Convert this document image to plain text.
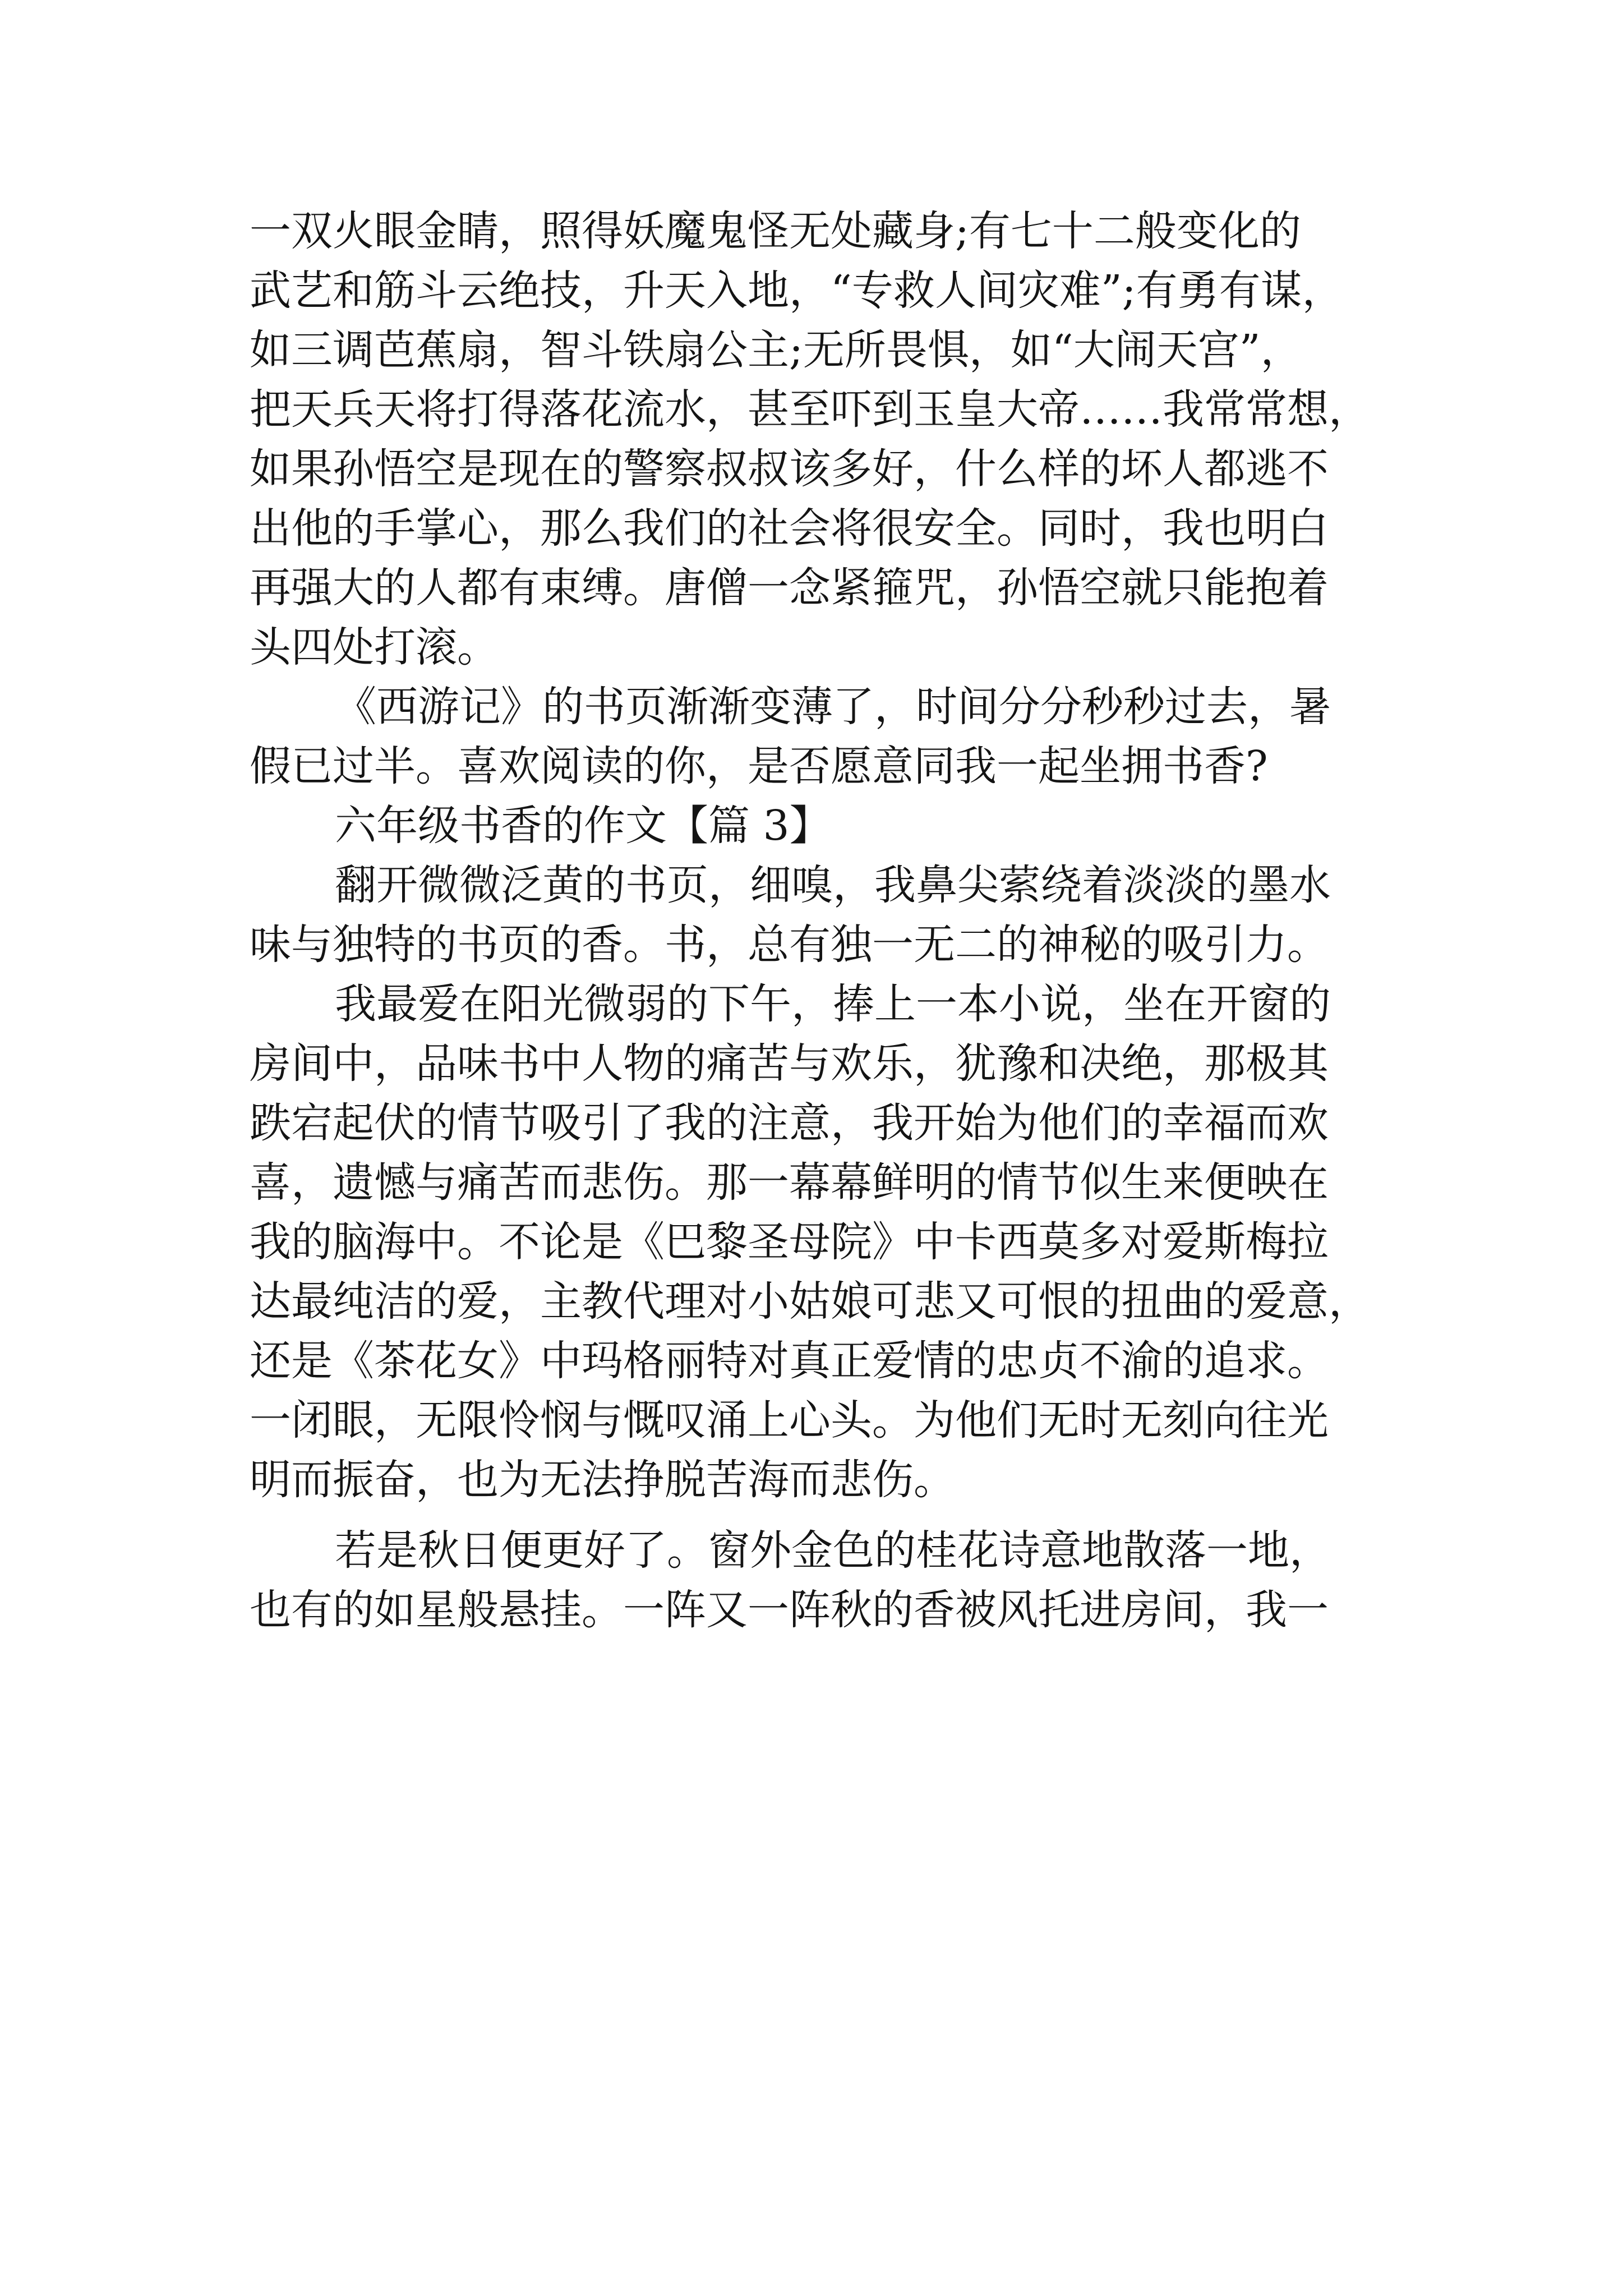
一双火眼金睛，照得妖魔鬼怪无处藏身;有七十二般变化的
武艺和筋斗云绝技，升天入地，“专救人间灾难”;有勇有谋，
如三调芭蕉扇，智斗铁扇公主;无所畏惧，如“大闹天宫”，
把天兵天将打得落花流水，甚至吓到玉皇大帝……我常常想，
如果孙悟空是现在的警察叔叔该多好，什么样的坏人都逃不
出他的手掌心，那么我们的社会将很安全。同时，我也明白
再强大的人都有束缚。唐僧一念紧箍咒，孙悟空就只能抱着
头四处打滚。
《西游记》的书页渐渐变薄了，时间分分秒秒过去，暑
假已过半。喜欢阅读的你，是否愿意同我一起坐拥书香?
六年级书香的作文【篇 3】
翻开微微泛黄的书页，细嗅，我鼻尖萦绕着淡淡的墨水
味与独特的书页的香。书，总有独一无二的神秘的吸引力。
我最爱在阳光微弱的下午，捧上一本小说，坐在开窗的
房间中，品味书中人物的痛苦与欢乐，犹豫和决绝，那极其
跌宕起伏的情节吸引了我的注意，我开始为他们的幸福而欢
喜，遗憾与痛苦而悲伤。那一幕幕鲜明的情节似生来便映在
我的脑海中。不论是《巴黎圣母院》中卡西莫多对爱斯梅拉
达最纯洁的爱，主教代理对小姑娘可悲又可恨的扭曲的爱意，
还是《茶花女》中玛格丽特对真正爱情的忠贞不渝的追求。
一闭眼，无限怜悯与慨叹涌上心头。为他们无时无刻向往光
明而振奋，也为无法挣脱苦海而悲伤。
若是秋日便更好了。窗外金色的桂花诗意地散落一地，
也有的如星般悬挂。一阵又一阵秋的香被风托进房间，我一
